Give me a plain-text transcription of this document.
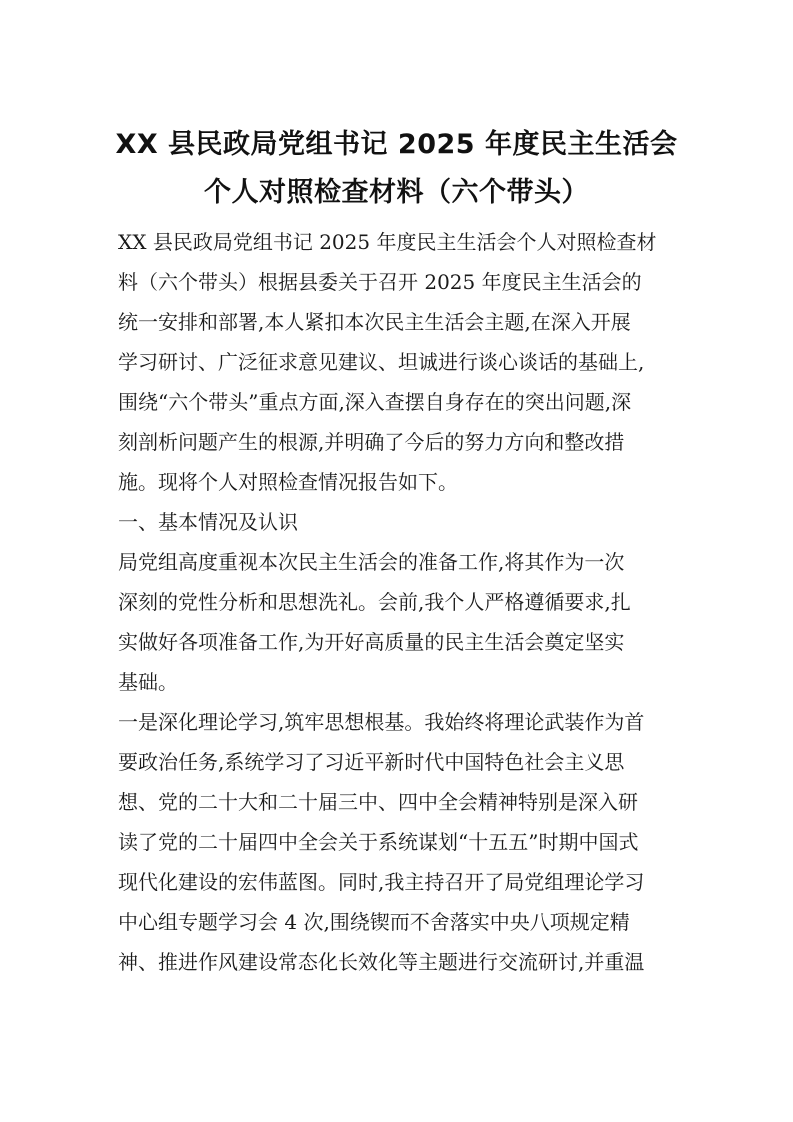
XX 县民政局党组书记 2025 年度民主生活会
个人对照检查材料（六个带头）
XX 县民政局党组书记 2025 年度民主生活会个人对照检查材
料（六个带头）根据县委关于召开 2025 年度民主生活会的
统一安排和部署,本人紧扣本次民主生活会主题,在深入开展
学习研讨、广泛征求意见建议、坦诚进行谈心谈话的基础上,
围绕“六个带头”重点方面,深入查摆自身存在的突出问题,深
刻剖析问题产生的根源,并明确了今后的努力方向和整改措
施。现将个人对照检查情况报告如下。
一、基本情况及认识
局党组高度重视本次民主生活会的准备工作,将其作为一次
深刻的党性分析和思想洗礼。会前,我个人严格遵循要求,扎
实做好各项准备工作,为开好高质量的民主生活会奠定坚实
基础。
一是深化理论学习,筑牢思想根基。我始终将理论武装作为首
要政治任务,系统学习了习近平新时代中国特色社会主义思
想、党的二十大和二十届三中、四中全会精神特别是深入研
读了党的二十届四中全会关于系统谋划“十五五”时期中国式
现代化建设的宏伟蓝图。同时,我主持召开了局党组理论学习
中心组专题学习会 4 次,围绕锲而不舍落实中央八项规定精
神、推进作风建设常态化长效化等主题进行交流研讨,并重温
